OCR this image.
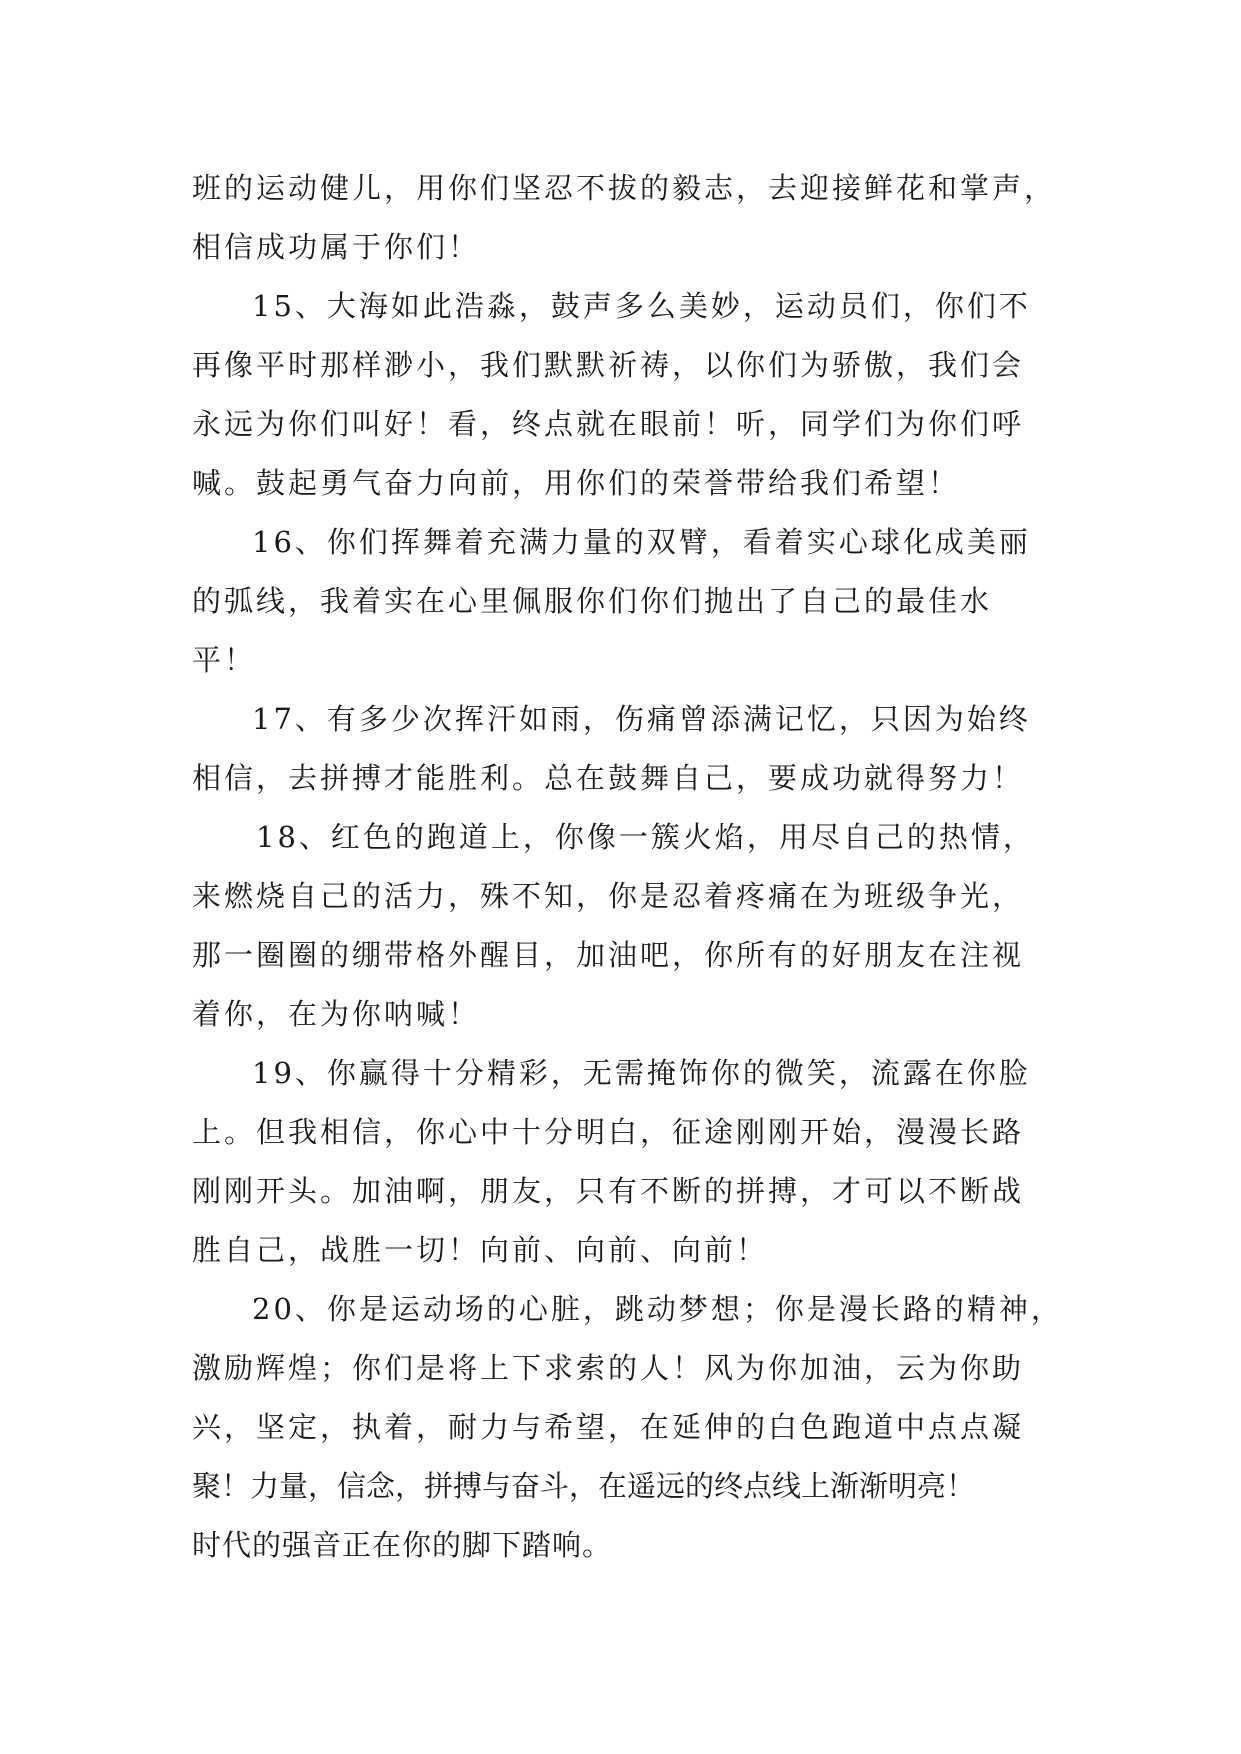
班的运动健儿，用你们坚忍不拔的毅志，去迎接鲜花和掌声，
相信成功属于你们！
15、大海如此浩淼，鼓声多么美妙，运动员们，你们不
再像平时那样渺小，我们默默祈祷，以你们为骄傲，我们会
永远为你们叫好！看，终点就在眼前！听，同学们为你们呼
喊。鼓起勇气奋力向前，用你们的荣誉带给我们希望！
16、你们挥舞着充满力量的双臂，看着实心球化成美丽
的弧线，我着实在心里佩服你们你们抛出了自己的最佳水
平！
17、有多少次挥汗如雨，伤痛曾添满记忆，只因为始终
相信，去拼搏才能胜利。总在鼓舞自己，要成功就得努力！
18、红色的跑道上，你像一簇火焰，用尽自己的热情，
来燃烧自己的活力，殊不知，你是忍着疼痛在为班级争光，
那一圈圈的绷带格外醒目，加油吧，你所有的好朋友在注视
着你，在为你呐喊！
19、你赢得十分精彩，无需掩饰你的微笑，流露在你脸
上。但我相信，你心中十分明白，征途刚刚开始，漫漫长路
刚刚开头。加油啊，朋友，只有不断的拼搏，才可以不断战
胜自己，战胜一切！向前、向前、向前！
20、你是运动场的心脏，跳动梦想；你是漫长路的精神，
激励辉煌；你们是将上下求索的人！风为你加油，云为你助
兴，坚定，执着，耐力与希望，在延伸的白色跑道中点点凝
聚！力量，信念，拼搏与奋斗，在遥远的终点线上渐渐明亮！
时代的强音正在你的脚下踏响。
